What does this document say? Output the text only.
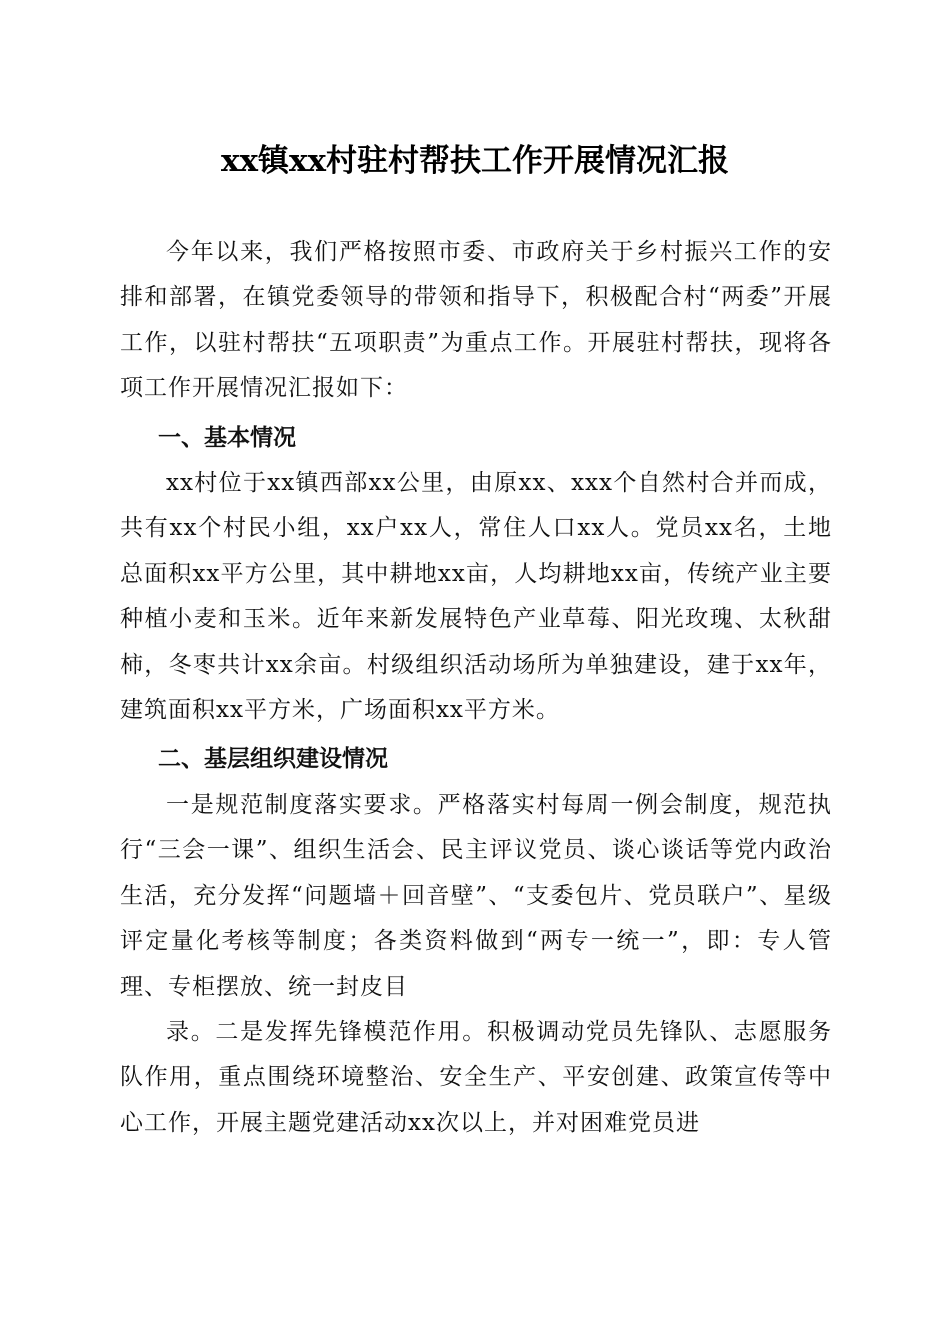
xx镇xx村驻村帮扶工作开展情况汇报

今年以来，我们严格按照市委、市政府关于乡村振兴工作的安排和部署，在镇党委领导的带领和指导下，积极配合村“两委”开展工作，以驻村帮扶“五项职责”为重点工作。开展驻村帮扶，现将各项工作开展情况汇报如下：

一、基本情况

xx村位于xx镇西部xx公里，由原xx、xxx个自然村合并而成，共有xx个村民小组，xx户xx人，常住人口xx人。党员xx名，土地总面积xx平方公里，其中耕地xx亩，人均耕地xx亩，传统产业主要种植小麦和玉米。近年来新发展特色产业草莓、阳光玫瑰、太秋甜柿，冬枣共计xx余亩。村级组织活动场所为单独建设，建于xx年，建筑面积xx平方米，广场面积xx平方米。

二、基层组织建设情况

一是规范制度落实要求。严格落实村每周一例会制度，规范执行“三会一课”、组织生活会、民主评议党员、谈心谈话等党内政治生活，充分发挥“问题墙＋回音壁”、“支委包片、党员联户”、星级评定量化考核等制度；各类资料做到“两专一统一”，即：专人管理、专柜摆放、统一封皮目

录。二是发挥先锋模范作用。积极调动党员先锋队、志愿服务队作用，重点围绕环境整治、安全生产、平安创建、政策宣传等中心工作，开展主题党建活动xx次以上，并对困难党员进
